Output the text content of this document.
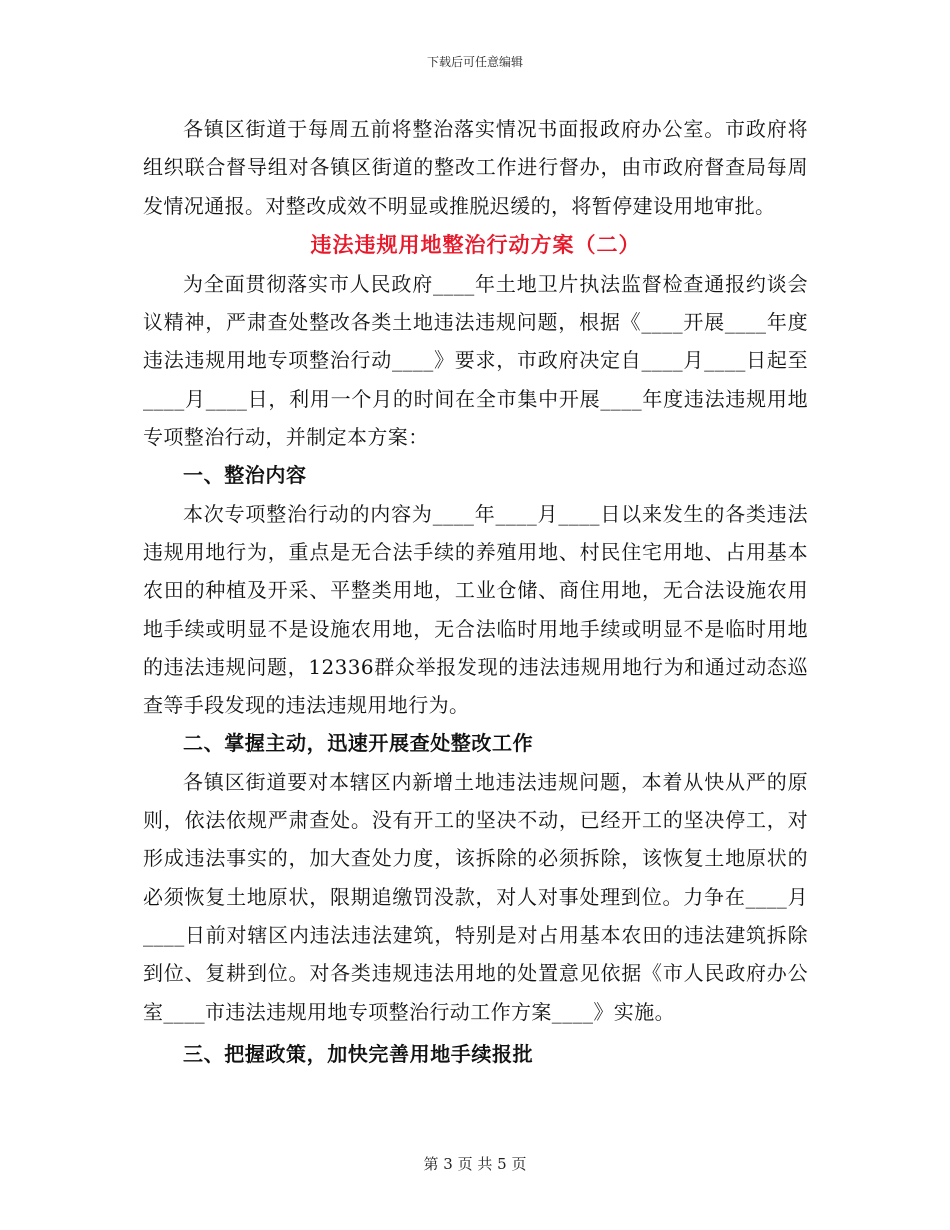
下载后可任意编辑

各镇区街道于每周五前将整治落实情况书面报政府办公室。市政府将组织联合督导组对各镇区街道的整改工作进行督办，由市政府督查局每周发情况通报。对整改成效不明显或推脱迟缓的，将暂停建设用地审批。

违法违规用地整治行动方案（二）

为全面贯彻落实市人民政府____年土地卫片执法监督检查通报约谈会议精神，严肃查处整改各类土地违法违规问题，根据《____开展____年度违法违规用地专项整治行动____》要求，市政府决定自____月____日起至____月____日，利用一个月的时间在全市集中开展____年度违法违规用地专项整治行动，并制定本方案：

一、整治内容

本次专项整治行动的内容为____年____月____日以来发生的各类违法违规用地行为，重点是无合法手续的养殖用地、村民住宅用地、占用基本农田的种植及开采、平整类用地，工业仓储、商住用地，无合法设施农用地手续或明显不是设施农用地，无合法临时用地手续或明显不是临时用地的违法违规问题，12336群众举报发现的违法违规用地行为和通过动态巡查等手段发现的违法违规用地行为。

二、掌握主动，迅速开展查处整改工作

各镇区街道要对本辖区内新增土地违法违规问题，本着从快从严的原则，依法依规严肃查处。没有开工的坚决不动，已经开工的坚决停工，对形成违法事实的，加大查处力度，该拆除的必须拆除，该恢复土地原状的必须恢复土地原状，限期追缴罚没款，对人对事处理到位。力争在____月____日前对辖区内违法违法建筑，特别是对占用基本农田的违法建筑拆除到位、复耕到位。对各类违规违法用地的处置意见依据《市人民政府办公室____市违法违规用地专项整治行动工作方案____》实施。

三、把握政策，加快完善用地手续报批
第 3 页 共 5 页
